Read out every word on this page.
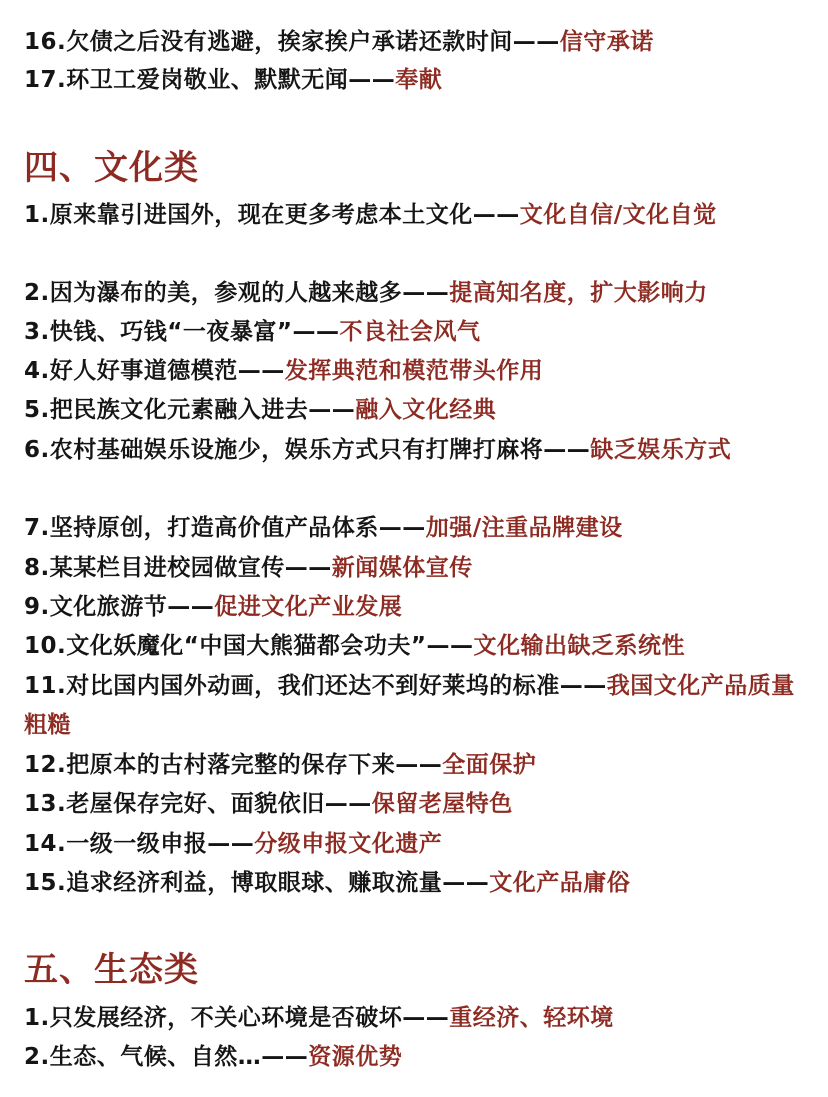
16.欠债之后没有逃避，挨家挨户承诺还款时间——信守承诺
17.环卫工爱岗敬业、默默无闻——奉献
四、文化类
1.原来靠引进国外，现在更多考虑本土文化——文化自信/文化自觉
2.因为瀑布的美，参观的人越来越多——提高知名度，扩大影响力
3.快钱、巧钱“一夜暴富”——不良社会风气
4.好人好事道德模范——发挥典范和模范带头作用
5.把民族文化元素融入进去——融入文化经典
6.农村基础娱乐设施少，娱乐方式只有打牌打麻将——缺乏娱乐方式
7.坚持原创，打造高价值产品体系——加强/注重品牌建设
8.某某栏目进校园做宣传——新闻媒体宣传
9.文化旅游节——促进文化产业发展
10.文化妖魔化“中国大熊猫都会功夫”——文化输出缺乏系统性
11.对比国内国外动画，我们还达不到好莱坞的标准——我国文化产品质量粗糙
12.把原本的古村落完整的保存下来——全面保护
13.老屋保存完好、面貌依旧——保留老屋特色
14.一级一级申报——分级申报文化遗产
15.追求经济利益，博取眼球、赚取流量——文化产品庸俗
五、生态类
1.只发展经济，不关心环境是否破坏——重经济、轻环境
2.生态、气候、自然…——资源优势
